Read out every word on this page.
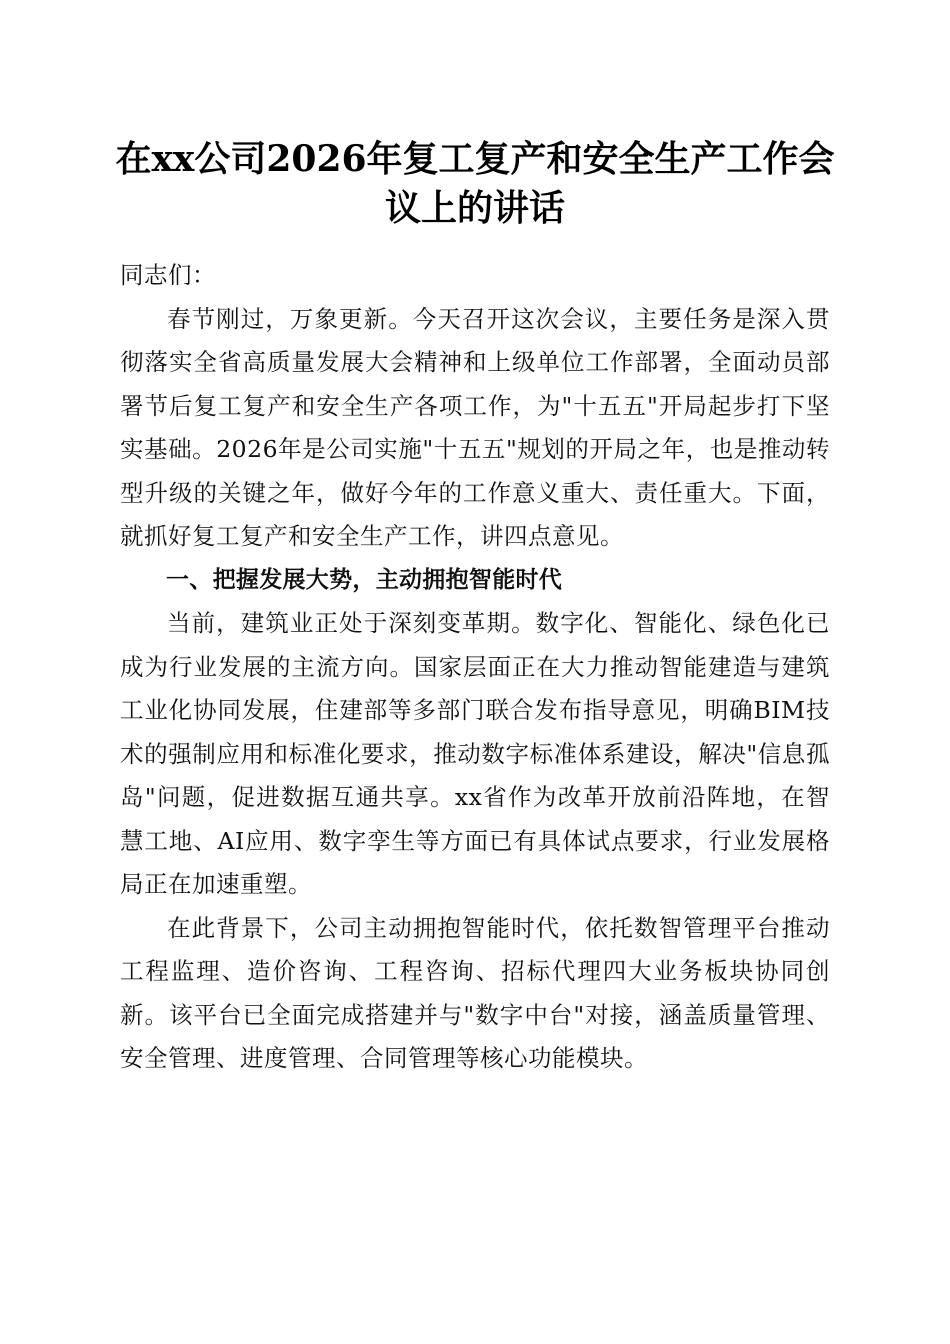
在xx公司2026年复工复产和安全生产工作会议上的讲话

同志们：

春节刚过，万象更新。今天召开这次会议，主要任务是深入贯彻落实全省高质量发展大会精神和上级单位工作部署，全面动员部署节后复工复产和安全生产各项工作，为"十五五"开局起步打下坚实基础。2026年是公司实施"十五五"规划的开局之年，也是推动转型升级的关键之年，做好今年的工作意义重大、责任重大。下面，就抓好复工复产和安全生产工作，讲四点意见。

一、把握发展大势，主动拥抱智能时代

当前，建筑业正处于深刻变革期。数字化、智能化、绿色化已成为行业发展的主流方向。国家层面正在大力推动智能建造与建筑工业化协同发展，住建部等多部门联合发布指导意见，明确BIM技术的强制应用和标准化要求，推动数字标准体系建设，解决"信息孤岛"问题，促进数据互通共享。xx省作为改革开放前沿阵地，在智慧工地、AI应用、数字孪生等方面已有具体试点要求，行业发展格局正在加速重塑。

在此背景下，公司主动拥抱智能时代，依托数智管理平台推动工程监理、造价咨询、工程咨询、招标代理四大业务板块协同创新。该平台已全面完成搭建并与"数字中台"对接，涵盖质量管理、安全管理、进度管理、合同管理等核心功能模块。
